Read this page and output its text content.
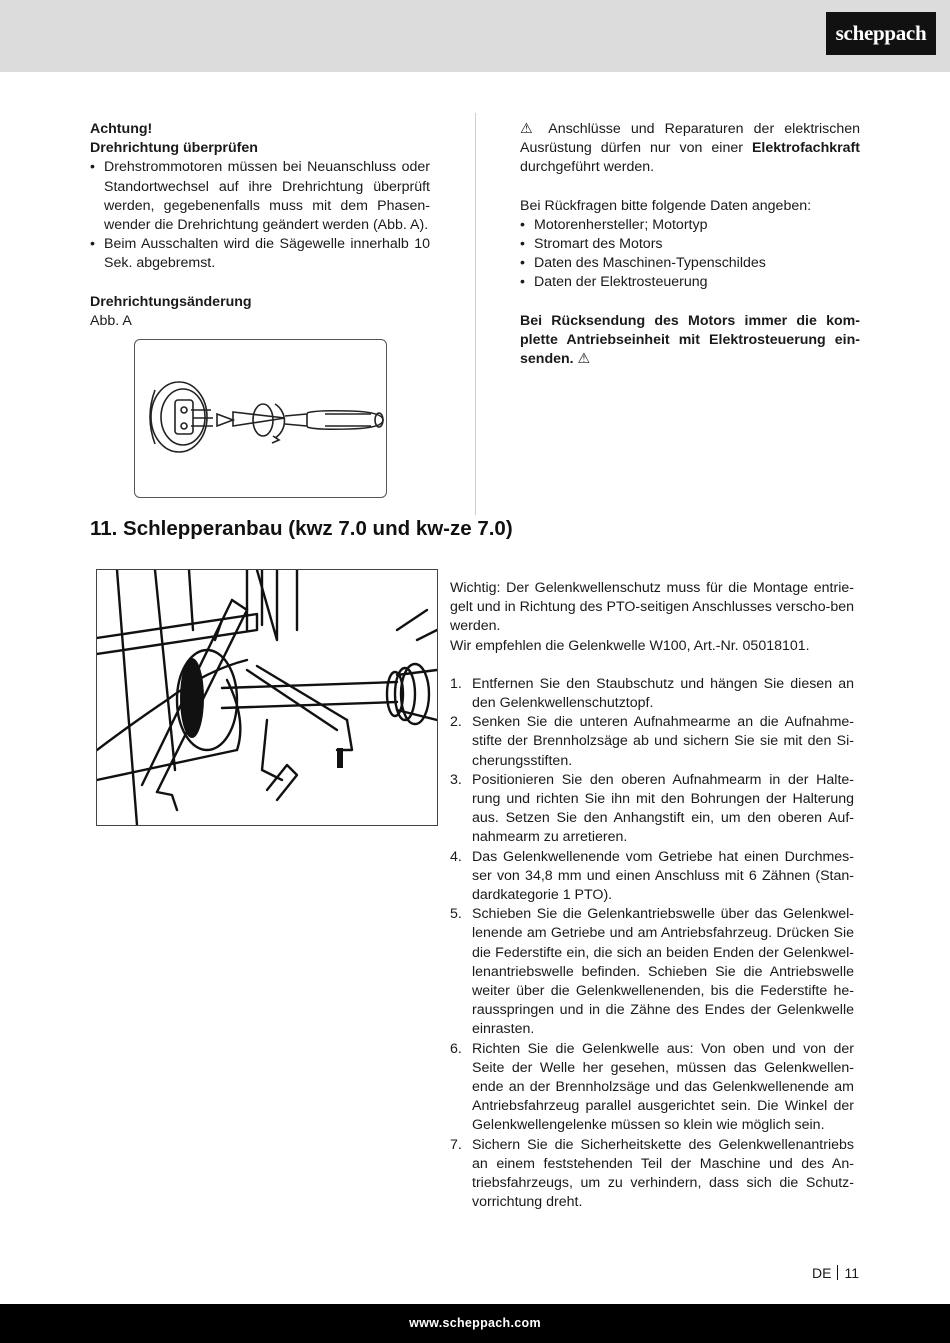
scheppach

Achtung!

Drehrichtung überprüfen

• Drehstrommotoren müssen bei Neuanschluss oder Standortwechsel auf ihre Drehrichtung überprüft werden, gegebenenfalls muss mit dem Phasen-wender die Drehrichtung geändert werden (Abb. A).
• Beim Ausschalten wird die Sägewelle innerhalb 10 Sek. abgebremst.

Drehrichtungsänderung

Abb. A

⚠ Anschlüsse und Reparaturen der elektrischen Ausrüstung dürfen nur von einer Elektrofachkraft durchgeführt werden.

Bei Rückfragen bitte folgende Daten angeben:

• Motorenhersteller; Motortyp
• Stromart des Motors
• Daten des Maschinen-Typenschildes
• Daten der Elektrosteuerung

Bei Rücksendung des Motors immer die kom-plette Antriebseinheit mit Elektrosteuerung ein-senden. ⚠

11. Schlepperanbau (kwz 7.0 und kw-ze 7.0)

Wichtig: Der Gelenkwellenschutz muss für die Montage entrie-gelt und in Richtung des PTO-seitigen Anschlusses verscho-ben werden.

Wir empfehlen die Gelenkwelle W100, Art.-Nr. 05018101.

1. Entfernen Sie den Staubschutz und hängen Sie diesen an den Gelenkwellenschutztopf.
2. Senken Sie die unteren Aufnahmearme an die Aufnahme-stifte der Brennholzsäge ab und sichern Sie sie mit den Si-cherungsstiften.
3. Positionieren Sie den oberen Aufnahmearm in der Halte-rung und richten Sie ihn mit den Bohrungen der Halterung aus. Setzen Sie den Anhangstift ein, um den oberen Auf-nahmearm zu arretieren.
4. Das Gelenkwellenende vom Getriebe hat einen Durchmes-ser von 34,8 mm und einen Anschluss mit 6 Zähnen (Stan-dardkategorie 1 PTO).
5. Schieben Sie die Gelenkantriebswelle über das Gelenkwel-lenende am Getriebe und am Antriebsfahrzeug. Drücken Sie die Federstifte ein, die sich an beiden Enden der Gelenkwel-lenantriebswelle befinden. Schieben Sie die Antriebswelle weiter über die Gelenkwellenenden, bis die Federstifte he-rausspringen und in die Zähne des Endes der Gelenkwelle einrasten.
6. Richten Sie die Gelenkwelle aus: Von oben und von der Seite der Welle her gesehen, müssen das Gelenkwellen-ende an der Brennholzsäge und das Gelenkwellenende am Antriebsfahrzeug parallel ausgerichtet sein. Die Winkel der Gelenkwellengelenke müssen so klein wie möglich sein.
7. Sichern Sie die Sicherheitskette des Gelenkwellenantriebs an einem feststehenden Teil der Maschine und des An-triebsfahrzeugs, um zu verhindern, dass sich die Schutz-vorrichtung dreht.
DE 11
www.scheppach.com
